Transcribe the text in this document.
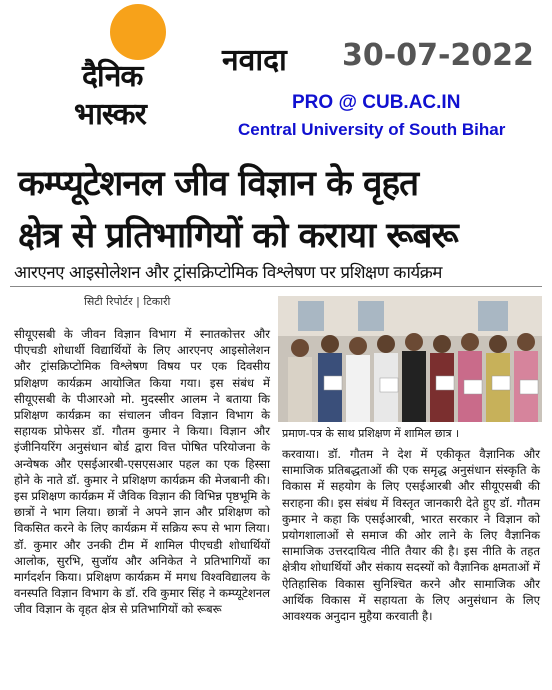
दैनिक
भास्कर
नवादा 30-07-2022
PRO @ CUB.AC.IN
Central University of South Bihar
कम्प्यूटेशनल जीव विज्ञान के वृहत
क्षेत्र से प्रतिभागियों को कराया रूबरू
आरएनए आइसोलेशन और ट्रांसक्रिप्टोमिक विश्लेषण पर प्रशिक्षण कार्यक्रम
सिटी रिपोर्टर | टिकारी
प्रमाण-पत्र के साथ प्रशिक्षण में शामिल छात्र ।

सीयूएसबी के जीवन विज्ञान विभाग में स्नातकोत्तर और पीएचडी शोधार्थी विद्यार्थियों के लिए आरएनए आइसोलेशन और ट्रांसक्रिप्टोमिक विश्लेषण विषय पर एक दिवसीय प्रशिक्षण कार्यक्रम आयोजित किया गया। इस संबंध में सीयूएसबी के पीआरओ मो. मुदस्सीर आलम ने बताया कि प्रशिक्षण कार्यक्रम का संचालन जीवन विज्ञान विभाग के सहायक प्रोफेसर डॉ. गौतम कुमार ने किया। विज्ञान और इंजीनियरिंग अनुसंधान बोर्ड द्वारा वित्त पोषित परियोजना के अन्वेषक और एसईआरबी-एसएसआर पहल का एक हिस्सा होने के नाते डॉ. कुमार ने प्रशिक्षण कार्यक्रम की मेजबानी की। इस प्रशिक्षण कार्यक्रम में जैविक विज्ञान की विभिन्न पृष्ठभूमि के छात्रों ने भाग लिया। छात्रों ने अपने ज्ञान और प्रशिक्षण को विकसित करने के लिए कार्यक्रम में सक्रिय रूप से भाग लिया। डॉ. कुमार और उनकी टीम में शामिल पीएचडी शोधार्थियों आलोक, सुरभि, सुजॉय और अनिकेत ने प्रतिभागियों का मार्गदर्शन किया। प्रशिक्षण कार्यक्रम में मगध विश्वविद्यालय के वनस्पति विज्ञान विभाग के डॉ. रवि कुमार सिंह ने कम्प्यूटेशनल जीव विज्ञान के वृहत क्षेत्र से प्रतिभागियों को रूबरू

करवाया। डॉ. गौतम ने देश में एकीकृत वैज्ञानिक और सामाजिक प्रतिबद्धताओं की एक समृद्ध अनुसंधान संस्कृति के विकास में सहयोग के लिए एसईआरबी और सीयूएसबी की सराहना की। इस संबंध में विस्तृत जानकारी देते हुए डॉ. गौतम कुमार ने कहा कि एसईआरबी, भारत सरकार ने विज्ञान को प्रयोगशालाओं से समाज की ओर लाने के लिए वैज्ञानिक सामाजिक उत्तरदायित्व नीति तैयार की है। इस नीति के तहत क्षेत्रीय शोधार्थियों और संकाय सदस्यों को वैज्ञानिक क्षमताओं में ऐतिहासिक विकास सुनिश्चित करने और सामाजिक और आर्थिक विकास में सहायता के लिए अनुसंधान के लिए आवश्यक अनुदान मुहैया करवाती है।
